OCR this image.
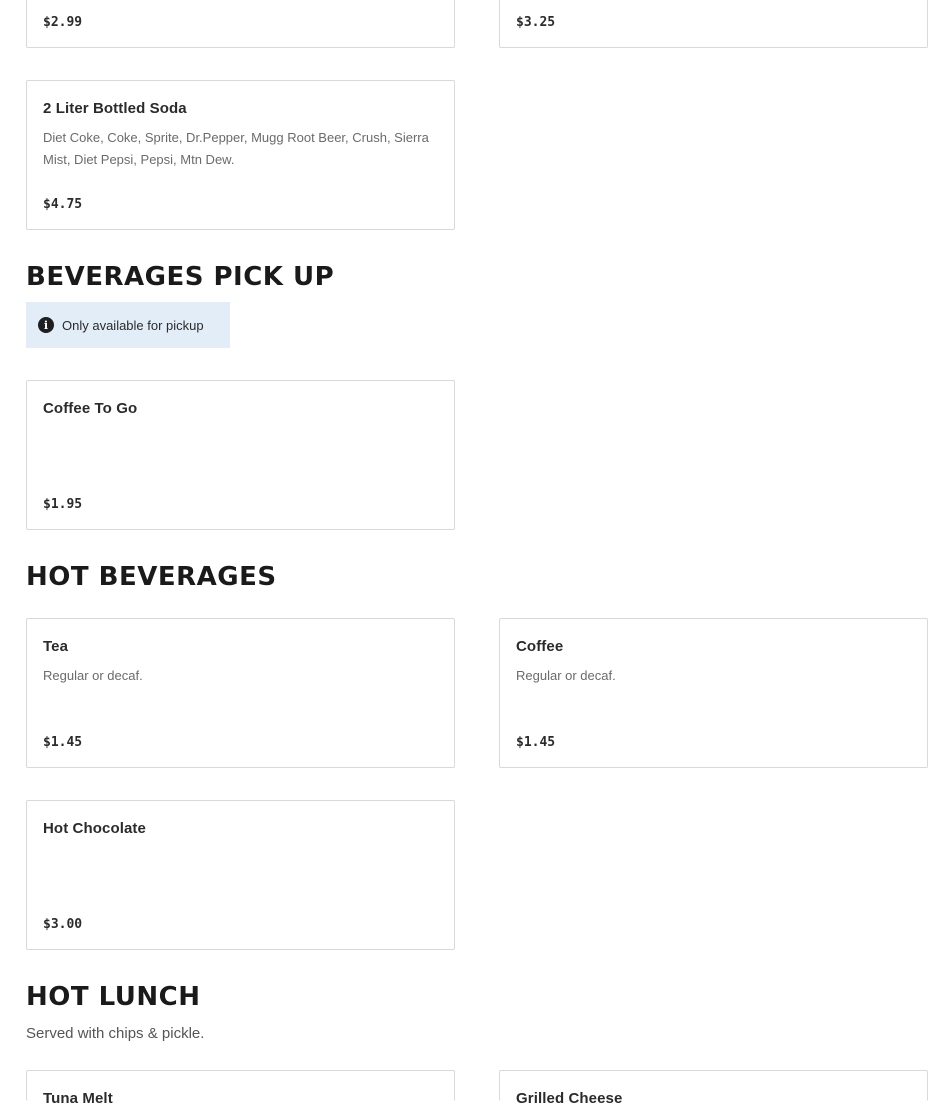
$2.99	$3.25
2 Liter Bottled Soda
Diet Coke, Coke, Sprite, Dr.Pepper, Mugg Root Beer, Crush, Sierra Mist, Diet Pepsi, Pepsi, Mtn Dew.
$4.75
BEVERAGES PICK UP
i	Only available for pickup
Coffee To Go
$1.95
HOT BEVERAGES
Tea
Regular or decaf.
$1.45
Coffee
Regular or decaf.
$1.45
Hot Chocolate
$3.00
HOT LUNCH
Served with chips & pickle.
Tuna Melt	Grilled Cheese
